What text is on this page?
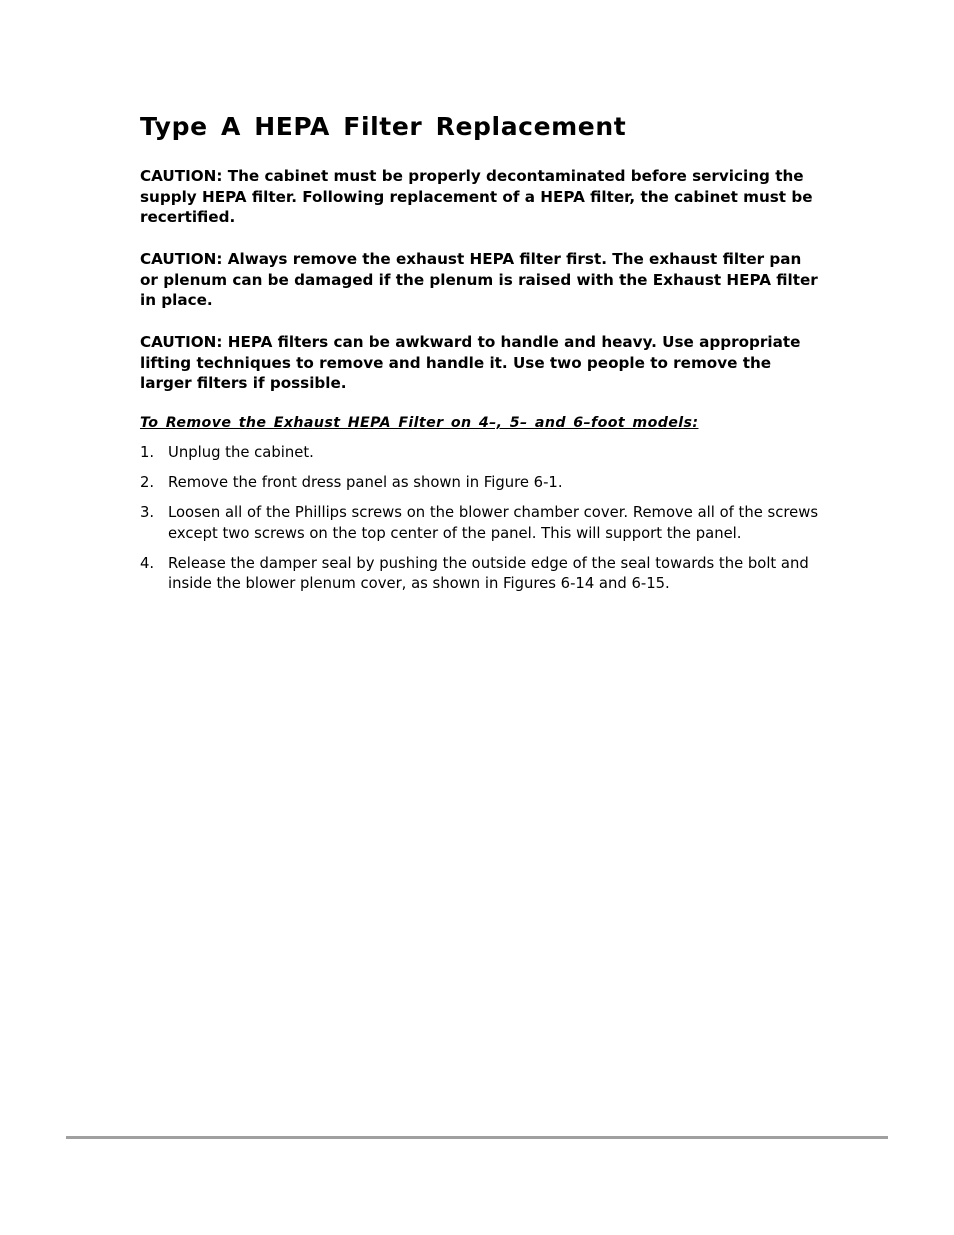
Type A HEPA Filter Replacement

CAUTION: The cabinet must be properly decontaminated before servicing the supply HEPA filter. Following replacement of a HEPA filter, the cabinet must be recertified.

CAUTION: Always remove the exhaust HEPA filter first. The exhaust filter pan or plenum can be damaged if the plenum is raised with the Exhaust HEPA filter in place.

CAUTION: HEPA filters can be awkward to handle and heavy. Use appropriate lifting techniques to remove and handle it. Use two people to remove the larger filters if possible.

To Remove the Exhaust HEPA Filter on 4–, 5– and 6–foot models:
1. Unplug the cabinet.
2. Remove the front dress panel as shown in Figure 6-1.
3. Loosen all of the Phillips screws on the blower chamber cover. Remove all of the screws except two screws on the top center of the panel. This will support the panel.
4. Release the damper seal by pushing the outside edge of the seal towards the bolt and inside the blower plenum cover, as shown in Figures 6-14 and 6-15.
